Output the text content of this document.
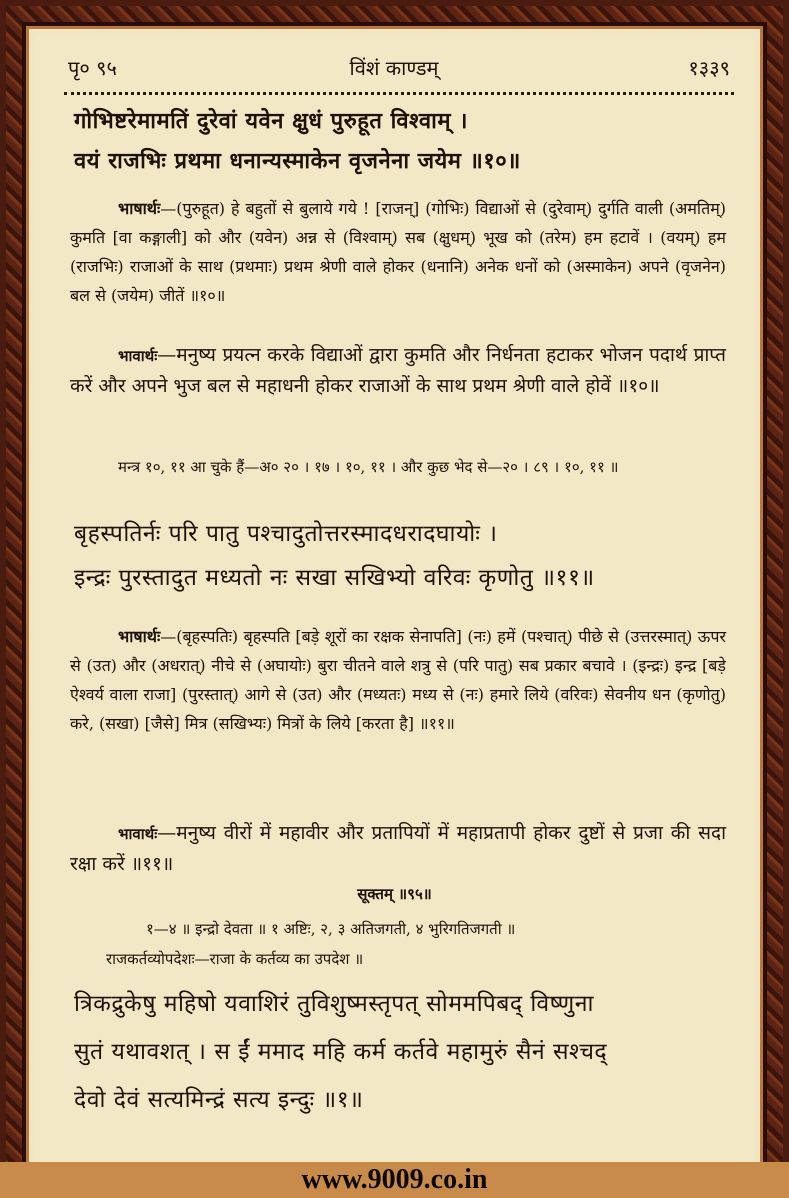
पृ० ९५	विंशं काण्डम्	१३३९
गोभिष्टरेमामतिं दुरेवां यवेन क्षुधं पुरुहूत विश्वाम् ।
वयं राजभिः प्रथमा धनान्यस्माकेन वृजनेना जयेम ॥१०॥
भाषार्थः—(पुरुहूत) हे बहुतों से बुलाये गये ! [राजन्] (गोभिः) विद्याओं से (दुरेवाम्) दुर्गति वाली (अमतिम्) कुमति [वा कङ्गाली] को और (यवेन) अन्न से (विश्वाम्) सब (क्षुधम्) भूख को (तरेम) हम हटावें । (वयम्) हम (राजभिः) राजाओं के साथ (प्रथमाः) प्रथम श्रेणी वाले होकर (धनानि) अनेक धनों को (अस्माकेन) अपने (वृजनेन) बल से (जयेम) जीतें ॥१०॥
भावार्थः—मनुष्य प्रयत्न करके विद्याओं द्वारा कुमति और निर्धनता हटाकर भोजन पदार्थ प्राप्त करें और अपने भुज बल से महाधनी होकर राजाओं के साथ प्रथम श्रेणी वाले होवें ॥१०॥
मन्त्र १०, ११ आ चुके हैं—अ० २० । १७ । १०, ११ । और कुछ भेद से—२० । ८९ । १०, ११ ॥
बृहस्पतिर्नः परि पातु पश्चादुतोत्तरस्मादधरादघायोः ।
इन्द्रः पुरस्तादुत मध्यतो नः सखा सखिभ्यो वरिवः कृणोतु ॥११॥
भाषार्थः—(बृहस्पतिः) बृहस्पति [बड़े शूरों का रक्षक सेनापति] (नः) हमें (पश्चात्) पीछे से (उत्तरस्मात्) ऊपर से (उत) और (अधरात्) नीचे से (अघायोः) बुरा चीतने वाले शत्रु से (परि पातु) सब प्रकार बचावे । (इन्द्रः) इन्द्र [बड़े ऐश्वर्य वाला राजा] (पुरस्तात्) आगे से (उत) और (मध्यतः) मध्य से (नः) हमारे लिये (वरिवः) सेवनीय धन (कृणोतु) करे, (सखा) [जैसे] मित्र (सखिभ्यः) मित्रों के लिये [करता है] ॥११॥
भावार्थः—मनुष्य वीरों में महावीर और प्रतापियों में महाप्रतापी होकर दुष्टों से प्रजा की सदा रक्षा करें ॥११॥
सूक्तम् ॥९५॥
१—४ ॥ इन्द्रो देवता ॥ १ अष्टिः, २, ३ अतिजगती, ४ भुरिगतिजगती ॥
राजकर्तव्योपदेशः—राजा के कर्तव्य का उपदेश ॥
त्रिकद्रुकेषु महिषो यवाशिरं तुविशुष्मस्तृपत् सोममपिबद् विष्णुना
सुतं यथावशत् । स ईं ममाद महि कर्म कर्तवे महामुरुं सैनं सश्चद्
देवो देवं सत्यमिन्द्रं सत्य इन्दुः ॥१॥
www.9009.co.in
